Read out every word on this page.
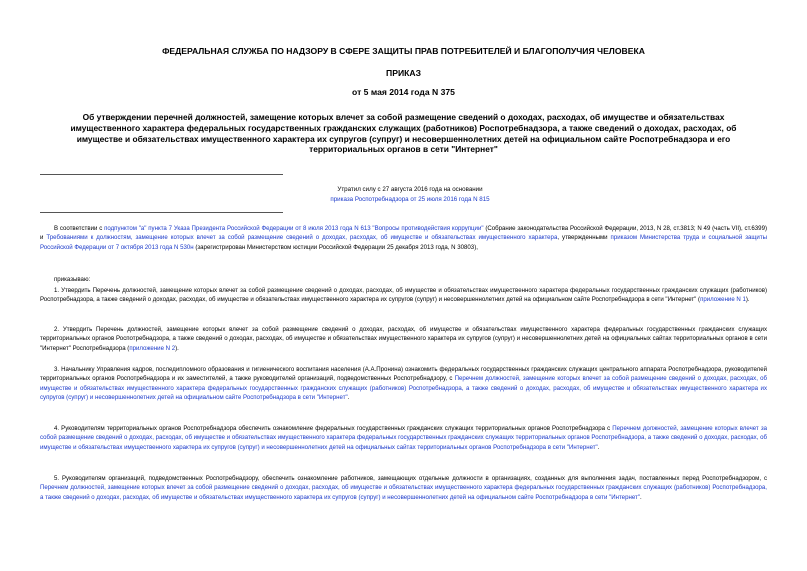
ФЕДЕРАЛЬНАЯ СЛУЖБА ПО НАДЗОРУ В СФЕРЕ ЗАЩИТЫ ПРАВ ПОТРЕБИТЕЛЕЙ И БЛАГОПОЛУЧИЯ ЧЕЛОВЕКА
ПРИКАЗ
от 5 мая 2014 года N 375
Об утверждении перечней должностей, замещение которых влечет за собой размещение сведений о доходах, расходах, об имуществе и обязательствах имущественного характера федеральных государственных гражданских служащих (работников) Роспотребнадзора, а также сведений о доходах, расходах, об имуществе и обязательствах имущественного характера их супругов (супруг) и несовершеннолетних детей на официальном сайте Роспотребнадзора и его территориальных органов в сети "Интернет"
Утратил силу с 27 августа 2016 года на основании
приказа Роспотребнадзора от 25 июля 2016 года N 815
В соответствии с подпунктом "а" пункта 7 Указа Президента Российской Федерации от 8 июля 2013 года N 613 "Вопросы противодействия коррупции" (Собрание законодательства Российской Федерации, 2013, N 28, ст.3813; N 49 (часть VII), ст.6399) и Требованиями к должностям, замещение которых влечет за собой размещение сведений о доходах, расходах, об имуществе и обязательствах имущественного характера, утвержденными приказом Министерства труда и социальной защиты Российской Федерации от 7 октября 2013 года N 530н (зарегистрирован Министерством юстиции Российской Федерации 25 декабря 2013 года, N 30803),
приказываю:
1. Утвердить Перечень должностей, замещение которых влечет за собой размещение сведений о доходах, расходах, об имуществе и обязательствах имущественного характера федеральных государственных гражданских служащих (работников) Роспотребнадзора, а также сведений о доходах, расходах, об имуществе и обязательствах имущественного характера их супругов (супруг) и несовершеннолетних детей на официальном сайте Роспотребнадзора в сети "Интернет" (приложение N 1).
2. Утвердить Перечень должностей, замещение которых влечет за собой размещение сведений о доходах, расходах, об имуществе и обязательствах имущественного характера федеральных государственных гражданских служащих территориальных органов Роспотребнадзора, а также сведений о доходах, расходах, об имуществе и обязательствах имущественного характера их супругов (супруг) и несовершеннолетних детей на официальных сайтах территориальных органов в сети "Интернет" Роспотребнадзора (приложение N 2).
3. Начальнику Управления кадров, последипломного образования и гигиенического воспитания населения (А.А.Пронина) ознакомить федеральных государственных гражданских служащих центрального аппарата Роспотребнадзора, руководителей территориальных органов Роспотребнадзора и их заместителей, а также руководителей организаций, подведомственных Роспотребнадзору, с Перечнем должностей, замещение которых влечет за собой размещение сведений о доходах, расходах, об имуществе и обязательствах имущественного характера федеральных государственных гражданских служащих (работников) Роспотребнадзора, а также сведений о доходах, расходах, об имуществе и обязательствах имущественного характера их супругов (супруг) и несовершеннолетних детей на официальном сайте Роспотребнадзора в сети "Интернет".
4. Руководителям территориальных органов Роспотребнадзора обеспечить ознакомление федеральных государственных гражданских служащих территориальных органов Роспотребнадзора с Перечнем должностей, замещение которых влечет за собой размещение сведений о доходах, расходах, об имуществе и обязательствах имущественного характера федеральных государственных гражданских служащих территориальных органов Роспотребнадзора, а также сведений о доходах, расходах, об имуществе и обязательствах имущественного характера их супругов (супруг) и несовершеннолетних детей на официальных сайтах территориальных органов Роспотребнадзора в сети "Интернет".
5. Руководителям организаций, подведомственных Роспотребнадзору, обеспечить ознакомление работников, замещающих отдельные должности в организациях, созданных для выполнения задач, поставленных перед Роспотребнадзором, с Перечнем должностей, замещение которых влечет за собой размещение сведений о доходах, расходах, об имуществе и обязательствах имущественного характера федеральных государственных гражданских служащих (работников) Роспотребнадзора, а также сведений о доходах, расходах, об имуществе и обязательствах имущественного характера их супругов (супруг) и несовершеннолетних детей на официальном сайте Роспотребнадзора в сети "Интернет".
